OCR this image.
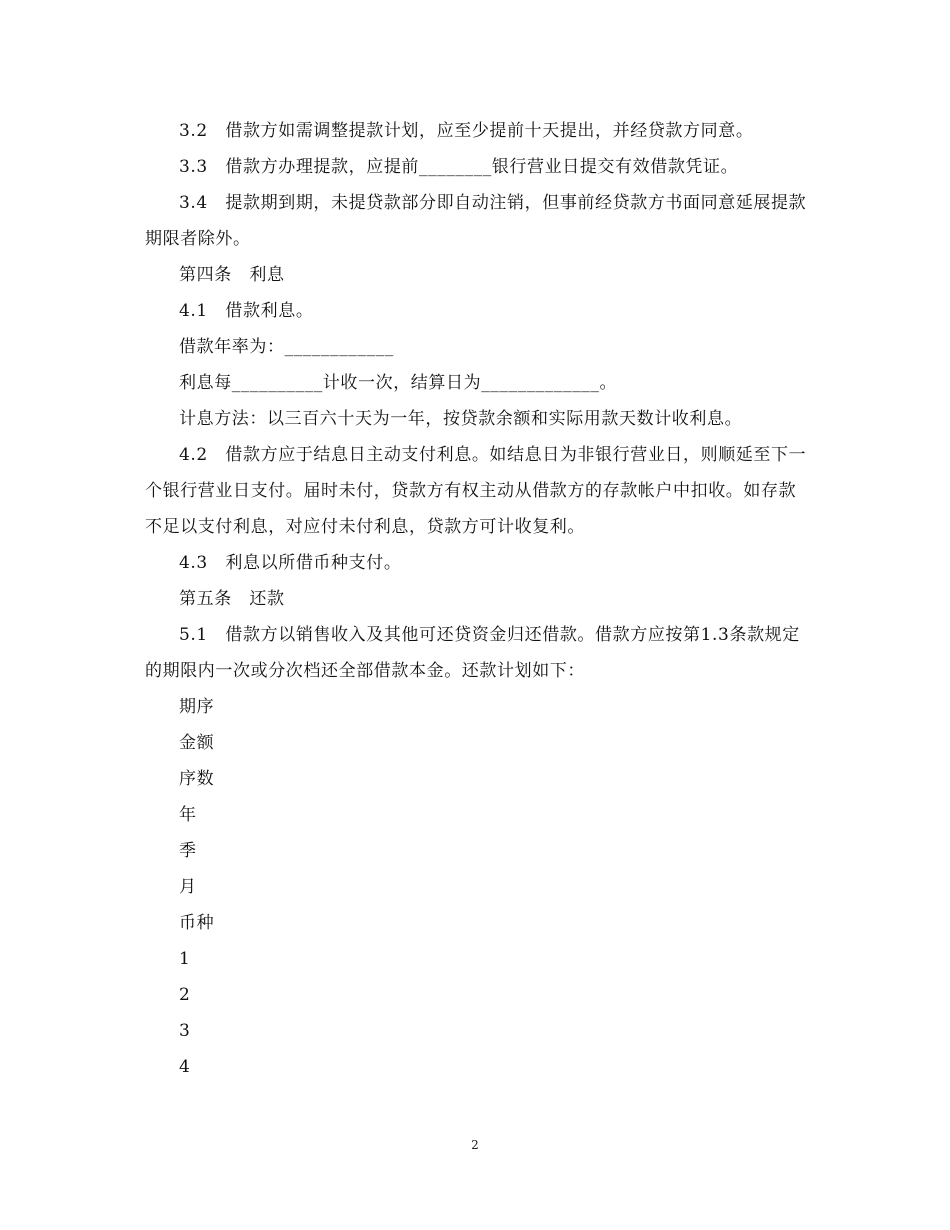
3.2　借款方如需调整提款计划，应至少提前十天提出，并经贷款方同意。

3.3　借款方办理提款，应提前________银行营业日提交有效借款凭证。

3.4　提款期到期，未提贷款部分即自动注销，但事前经贷款方书面同意延展提款期限者除外。

第四条　利息

4.1　借款利息。

借款年率为：____________

利息每__________计收一次，结算日为_____________。

计息方法：以三百六十天为一年，按贷款余额和实际用款天数计收利息。

4.2　借款方应于结息日主动支付利息。如结息日为非银行营业日，则顺延至下一个银行营业日支付。届时未付，贷款方有权主动从借款方的存款帐户中扣收。如存款不足以支付利息，对应付未付利息，贷款方可计收复利。

4.3　利息以所借币种支付。

第五条　还款

5.1　借款方以销售收入及其他可还贷资金归还借款。借款方应按第1.3条款规定的期限内一次或分次档还全部借款本金。还款计划如下：

期序

金额

序数

年

季

月

币种

1

2

3

4

2
